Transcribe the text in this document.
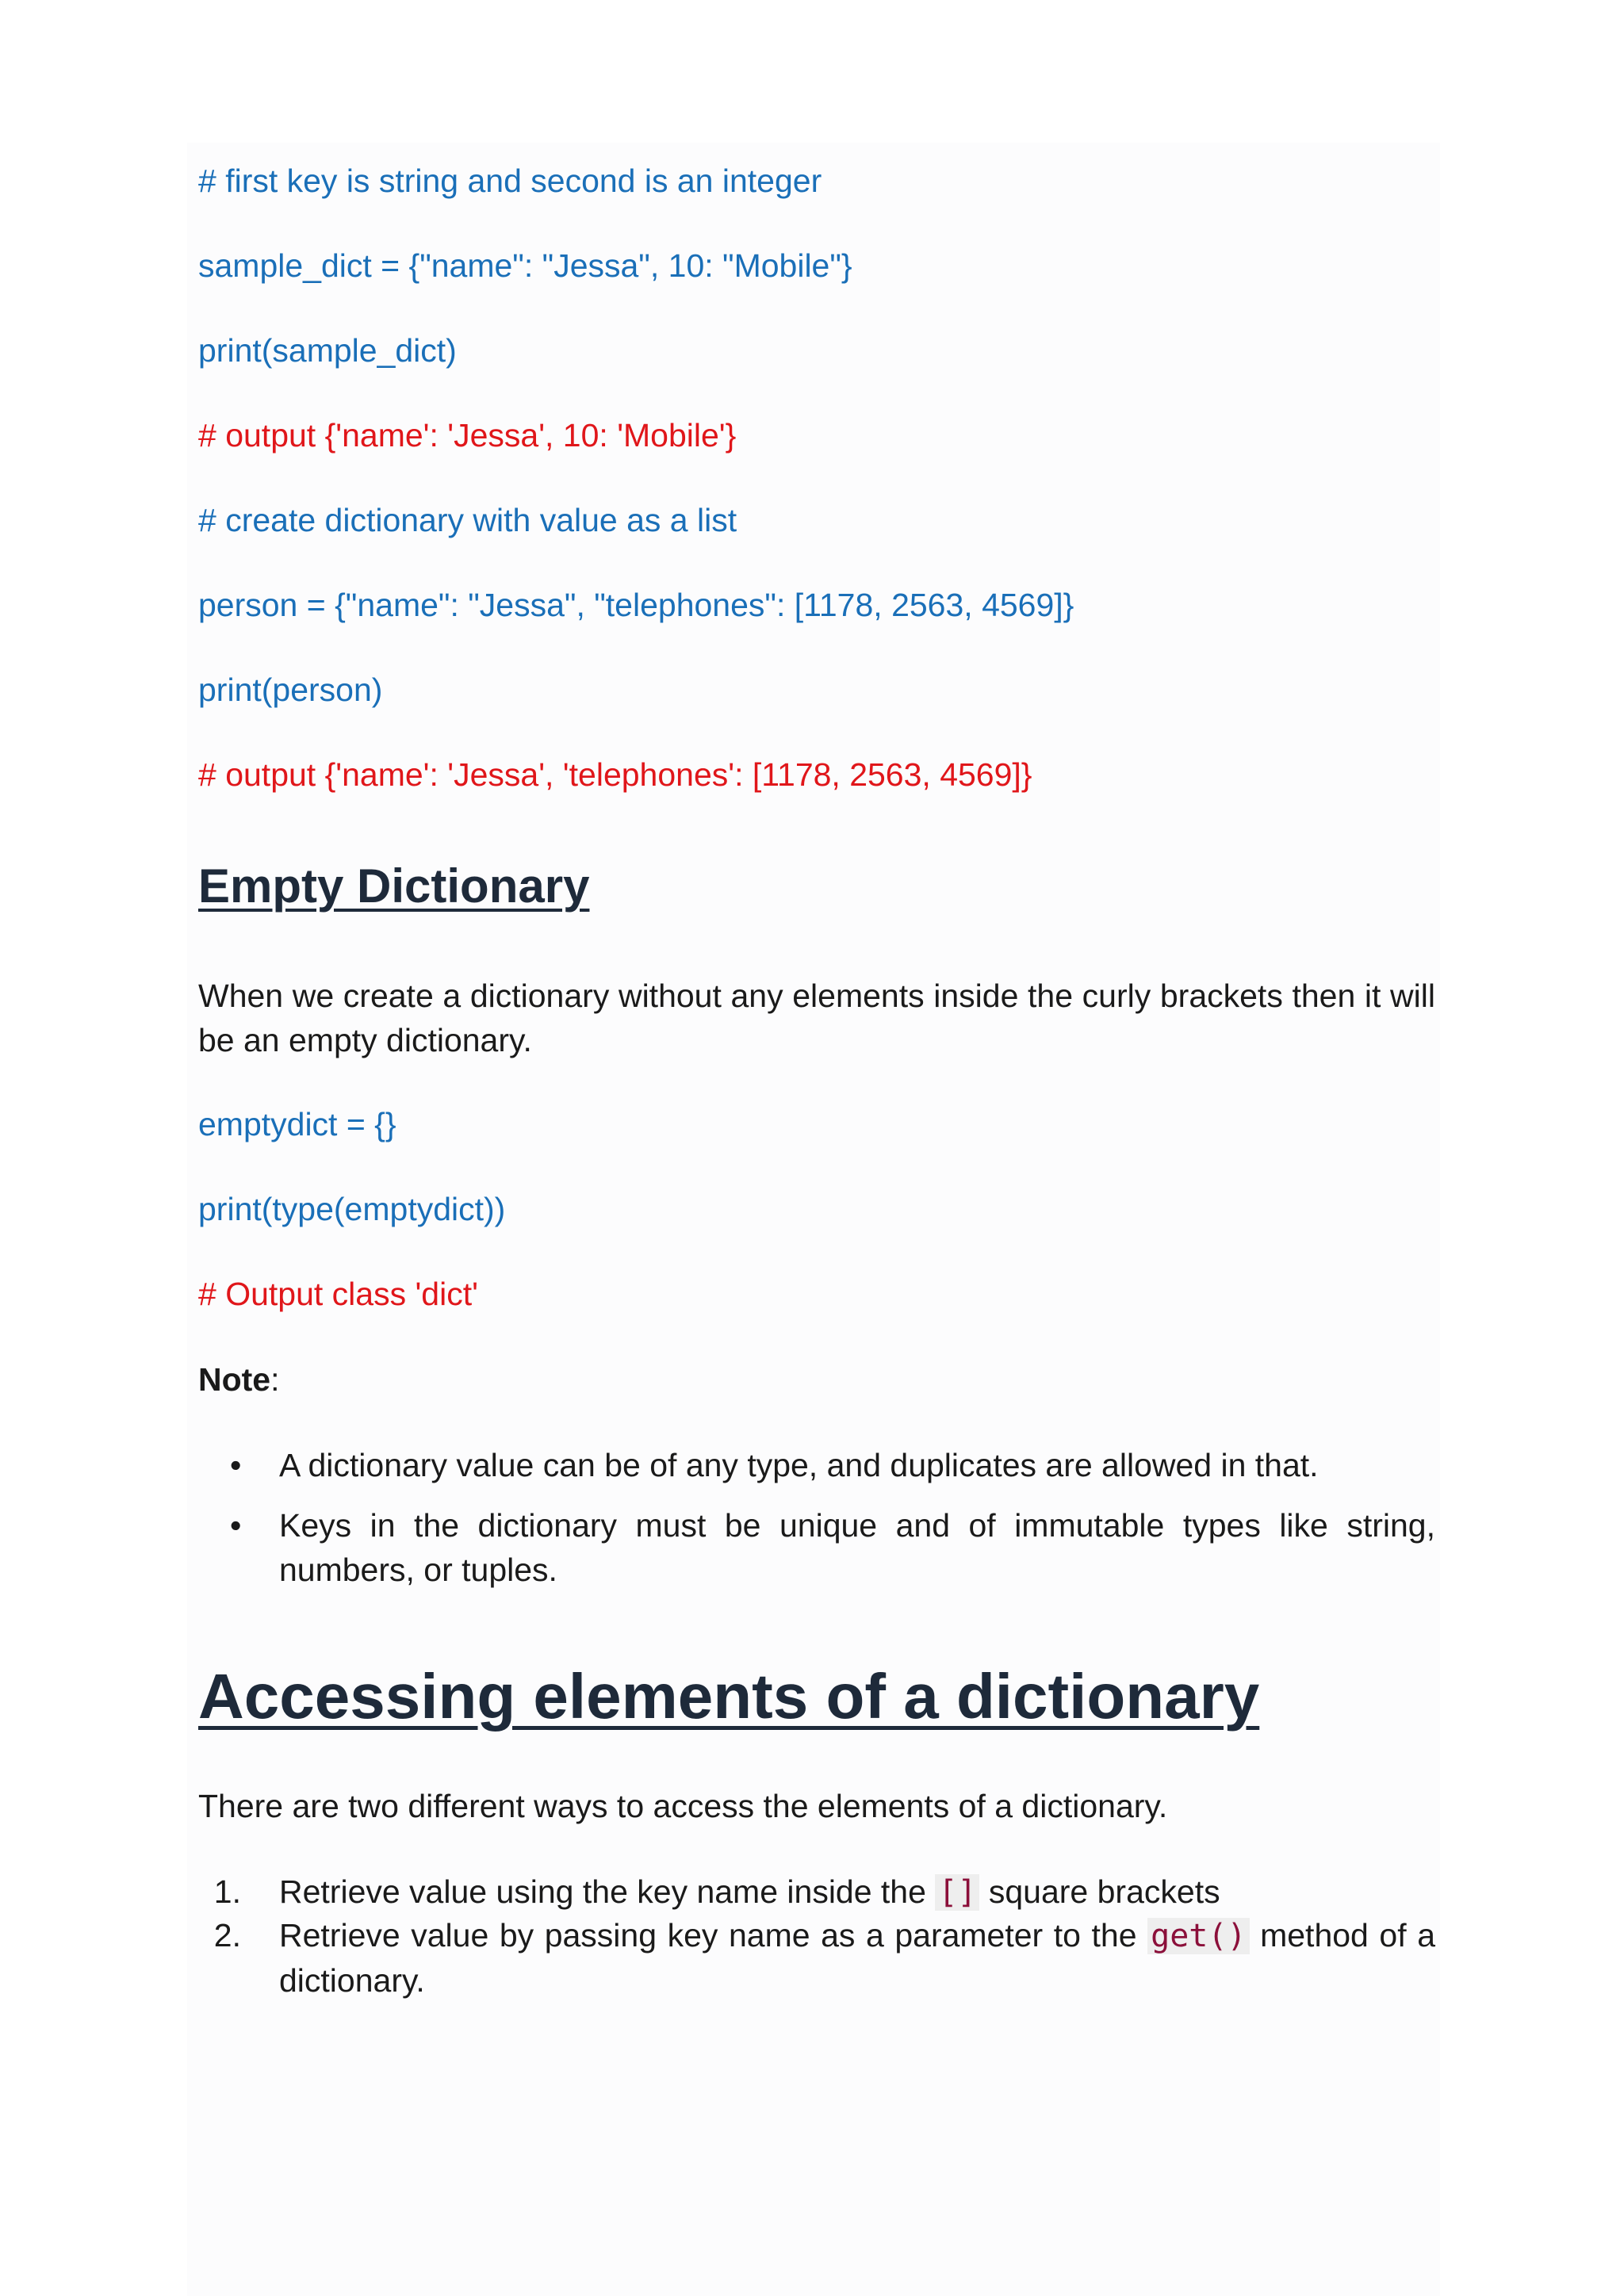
# first key is string and second is an integer
sample_dict = {"name": "Jessa", 10: "Mobile"}
print(sample_dict)
# output {'name': 'Jessa', 10: 'Mobile'}
# create dictionary with value as a list
person = {"name": "Jessa", "telephones": [1178, 2563, 4569]}
print(person)
# output {'name': 'Jessa', 'telephones': [1178, 2563, 4569]}
Empty Dictionary
When we create a dictionary without any elements inside the curly brackets then it will be an empty dictionary.
emptydict = {}
print(type(emptydict))
# Output class 'dict'
Note:
•	A dictionary value can be of any type, and duplicates are allowed in that.
•	Keys in the dictionary must be unique and of immutable types like string, numbers, or tuples.
Accessing elements of a dictionary
There are two different ways to access the elements of a dictionary.
1. Retrieve value using the key name inside the [] square brackets
2. Retrieve value by passing key name as a parameter to the get() method of a dictionary.
